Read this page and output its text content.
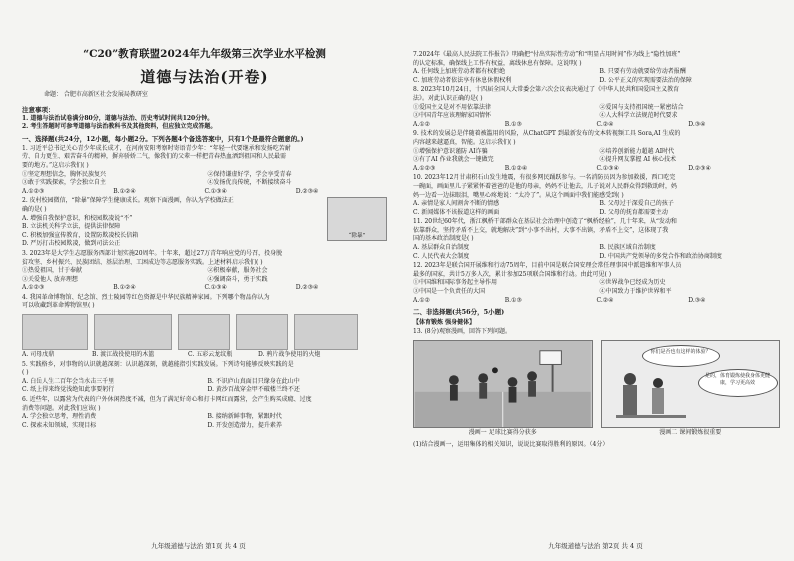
“C20”教育联盟2024年九年级第三次学业水平检测
道德与法治(开卷)
命题： 合肥市高新区社会发展局教研室
注意事项：
1. 道德与法治试卷满分80分，道德与法治、历史考试时间共120分钟。
2. 考生答题时可参考道德与法治教科书及其他资料，但应独立完成答题。
一、选择题(共24分，12小题，每小题2分。下列各题4个备选答案中，只有1个是最符合题意的。)
1. 习近平总书记关心青少年成长成才，在河南安阳考察时寄语青少年：“年轻一代要继承和发扬吃苦耐
劳、自力更生、艰苦奋斗的精神，摒弃骄娇二气，像我们的父辈一样把青春热血洒到祖国和人民最需
要的地方。”这启示我们( )
①坚定理想信念，胸怀民族复兴	②保持谦虚好学，学会享受青春
③敢于实践探索，学会独立自主	④发扬优良传统，不断接续奋斗
A.①②③	B.①②④	C.①③④	D.②③④
“除暴”
2. 皮村校园微信，“除暴”保障学生健康成长。观察下面漫画，你认为学校做法正
确的是( )
A. 增强自我保护意识，和校园欺凌说“不”
B. 立法机关科学立法，提供法律保障
C. 积极加强宣传教育，设置防欺凌校长信箱
D. 严厉打击校园欺凌，做到司法公正
3. 2023年是大学生志愿服务西部计划实施20周年。十年来，超过27万青年响应党的号召，投身脱
贫攻坚、乡村振兴、民族团结、基层治理、工困成边等志愿服务实践。上述材料启示我们( )
①热爱祖国，甘于奉献	②积极奉献，服务社会
③关爱他人 放弃理想	④强调奋斗，勇于实践
A.①②③	B.①②④	C.①③④	D.②③④
4. 我国革命博物馆、纪念馆、烈士陵园等红色资源是中华民族精神家园。下列哪个物品你认为
可以收藏到革命博物馆里( )
A. 司母戊鼎	B. 渡江战役使用的木篮	C. 五彩云龙纹瓶	D. 鸦片战争使用的火炮
5. 实践格乡，对事物的认识就越深刻：认识越深刻，就越能指引实践发展。下列诗句能够反映实践的是
( )
A. 白岳人生二百年会当水击三千里	B. 不识庐山真面目只缘身在此山中
C. 纸上得来终觉浅绝知此事要躬行	D. 黄沙百战穿金甲不破楼兰终不还
6. 近些年，以露营为代表的户外休闲热度不减，但为了满足好奇心和打卡网红而露营，会产生购买成瘾、过度
消费等问题。对此我们应该( )
A. 学会独立思考，理性消费	B. 接纳新鲜事物，紧跟时代
C. 探索未知领域，实现目标	D. 开发创造潜力，提升素养
九年级道德与法治 第1页 共 4 页
7.2024年《最高人民法院工作报告》明确把“付出实际性劳动”和“明显占用时间”作为线上“隐性加班”
的认定标准，确保线上工作有权益，离线休息有保障。这说明( )
A. 任何线上加班劳动者都有权拒绝	B. 只要有劳动就要给劳动者报酬
C. 加班劳动者依法享有休息休假权利	D. 公平正义的实现需要法治的保障
8. 2023年10月24日，十四届全国人大常委会第六次会议表决通过了《中华人民共和国爱国主义教育
法》。对此认识正确的是( )
①爱国主义是对不用依靠法律	②爱国与支持祖国统一紧密结合
③中国青年应该理解家国情怀	④人大科学立法规范时代要求
A.①②	B.①③	C.②④	D.③④
9. 技术的发展总是伴随着被滥用的风险，从ChatGPT 到最新发布的文本转视频工具 Sora,AI 生成的
内容越来越逼真，智能。这启示我们( )
①增强保护意识谨防 AI诈骗	②培养创新能力超越 AI时代
③有了AI 作业我就会一键做完	④提升网友掌握 AI 核心技术
A.①②③	B.①②④	C.①③④	D.②③④
10. 2023年12月甘肃积石山发生地震，有很多网民踊跃参与。一名消防员因为参加救援，西口吃完
一碗面，画面里儿子紧紧怀着爸爸的是他的母亲，妈妈不让他去，儿子说对人民群众得到救助时，妈
妈一边看一边抹眼泪，嘴里心疼地说：“太冷了”。从这个画面中我们能感受到( )
A. 亲情是家人间割舍不断的情感	B. 父母过于深爱自己的孩子
C. 新闻媒体不该报道这样的画面	D. 父母的抚育都需要主动
11. 20世纪60年代，浙江枫桥干部群众在基层社会治理中创造了“枫桥经验”，几十年来，从“发动和
依靠群众，坚持矛盾不上交，就地解决”到“小事不出村，大事不出镇，矛盾不上交”，这体现了我
国的基本政治制度是( )
A. 基层群众自治制度	B. 民族区域自治制度
C. 人民代表大会制度	D. 中国共产党领导的多党合作和政治协商制度
12. 2023年是联合国开展维和行动75周年，目前中国是联合国安理会常任理事国中派遣维和军事人员
最多的国家，共计5万多人次，累计参加25项联合国维和行动。由此可见( )
①中国维和国际事务起主导作用	②世界战争已经成为历史
③中国是一个负责任的大国	④中国致力于维护世界和平
A.①②	B.①③	C.②④	D.③④
二、非选择题(共56分，5小题)
【体育锻炼 强身健体】
13. (8分)观察漫画，回答下列问题。
漫画一 足球比赛得分获多
你们是否也有这样的体验？
是的，体育锻炼使我身体更健康，学习更高效
漫画二 课间锻炼很重要
(1)结合漫画一，运用集体的相关知识，说说比赛取得胜利的原因。（4分）
九年级道德与法治 第2页 共 4 页
